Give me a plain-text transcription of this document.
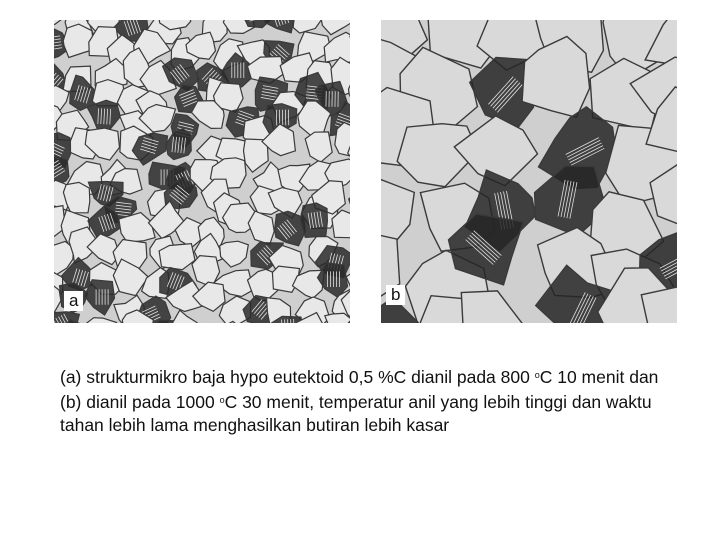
a	b
(a) strukturmikro baja hypo eutektoid 0,5 %C dianil pada 800 $^o$C 10 menit dan (b) dianil pada 1000 $^o$C 30 menit, temperatur anil yang lebih tinggi dan waktu tahan lebih lama menghasilkan butiran lebih kasar
